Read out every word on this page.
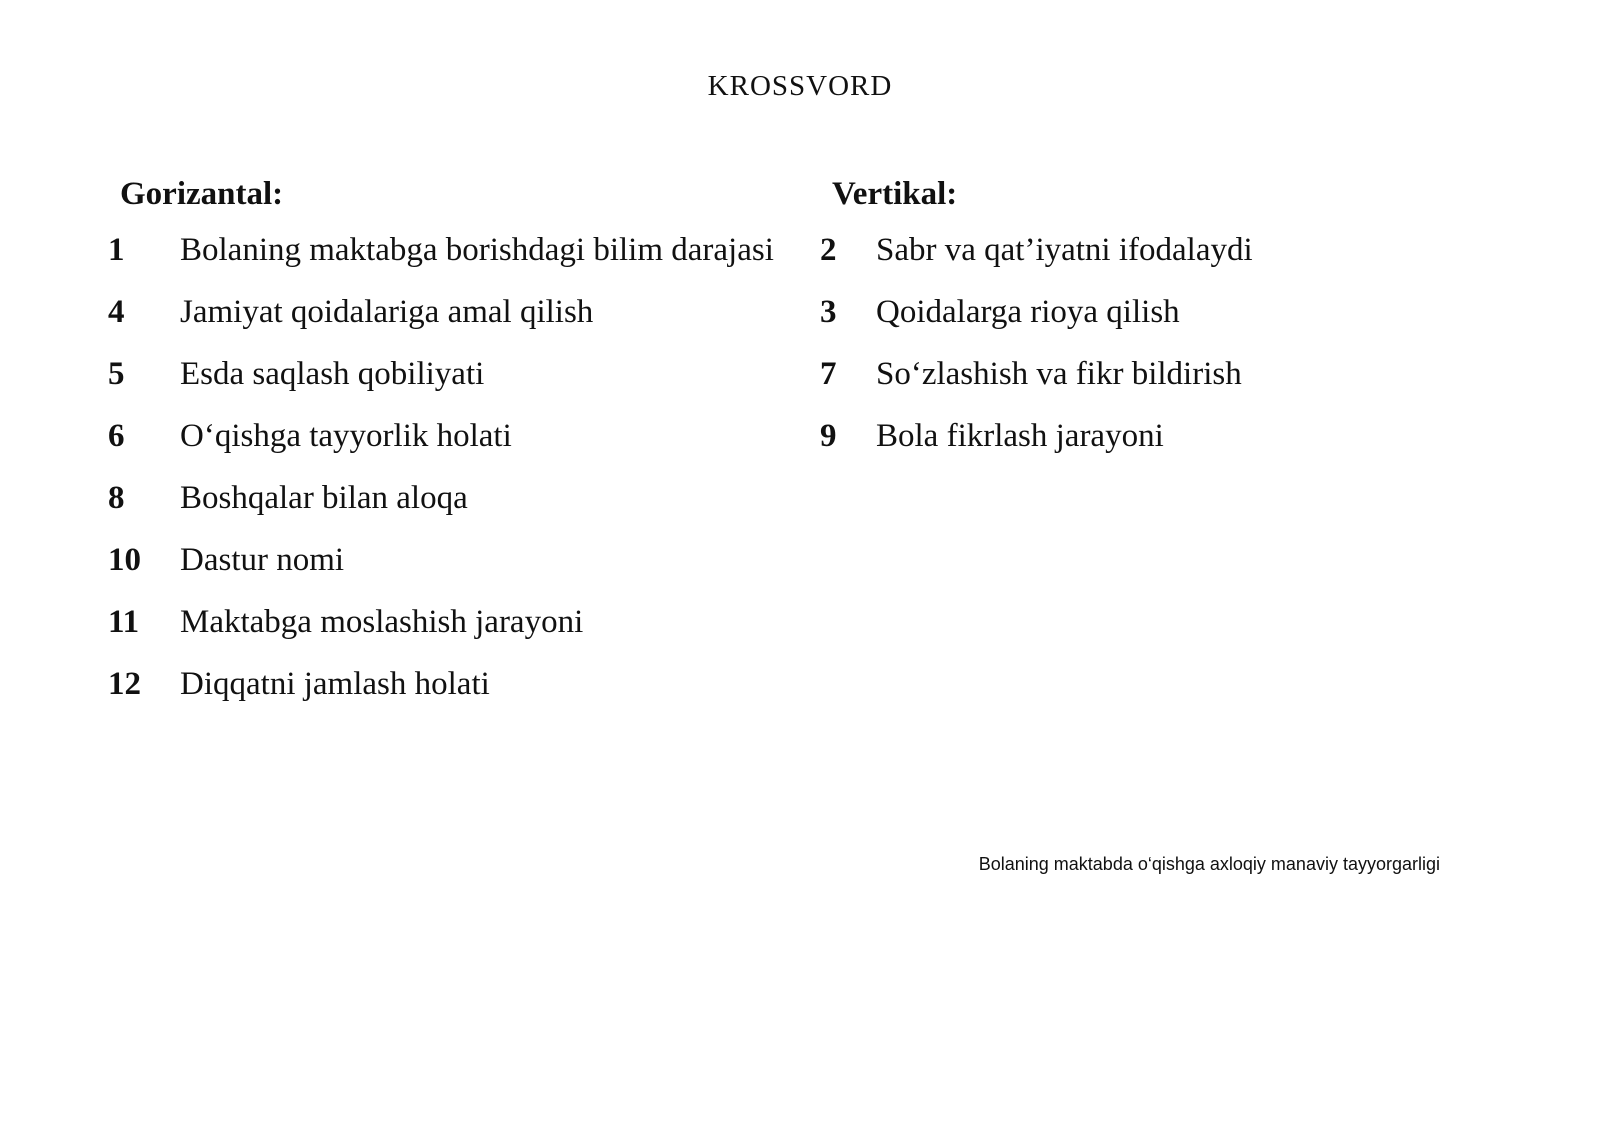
KROSSVORD
Gorizantal:
1	Bolaning maktabga borishdagi bilim darajasi
4	Jamiyat qoidalariga amal qilish
5	Esda saqlash qobiliyati
6	O‘qishga tayyorlik holati
8	Boshqalar bilan aloqa
10	Dastur nomi
11	Maktabga moslashish jarayoni
12	Diqqatni jamlash holati
Vertikal:
2	Sabr va qat’iyatni ifodalaydi
3	Qoidalarga rioya qilish
7	So‘zlashish va fikr bildirish
9	Bola fikrlash jarayoni
Bolaning maktabda o‘qishga axloqiy manaviy tayyorgarligi
